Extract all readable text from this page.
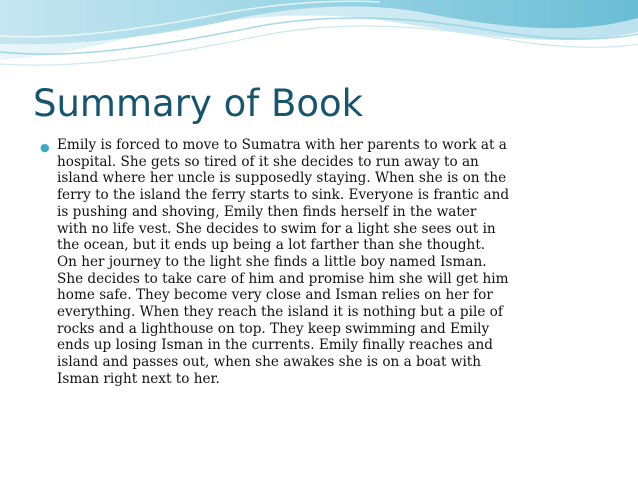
Summary of Book
● Emily is forced to move to Sumatra with her parents to work at a
hospital. She gets so tired of it she decides to run away to an
island where her uncle is supposedly staying. When she is on the
ferry to the island the ferry starts to sink. Everyone is frantic and
is pushing and shoving, Emily then finds herself in the water
with no life vest. She decides to swim for a light she sees out in
the ocean, but it ends up being a lot farther than she thought.
On her journey to the light she finds a little boy named Isman.
She decides to take care of him and promise him she will get him
home safe. They become very close and Isman relies on her for
everything. When they reach the island it is nothing but a pile of
rocks and a lighthouse on top. They keep swimming and Emily
ends up losing Isman in the currents. Emily finally reaches and
island and passes out, when she awakes she is on a boat with
Isman right next to her.
